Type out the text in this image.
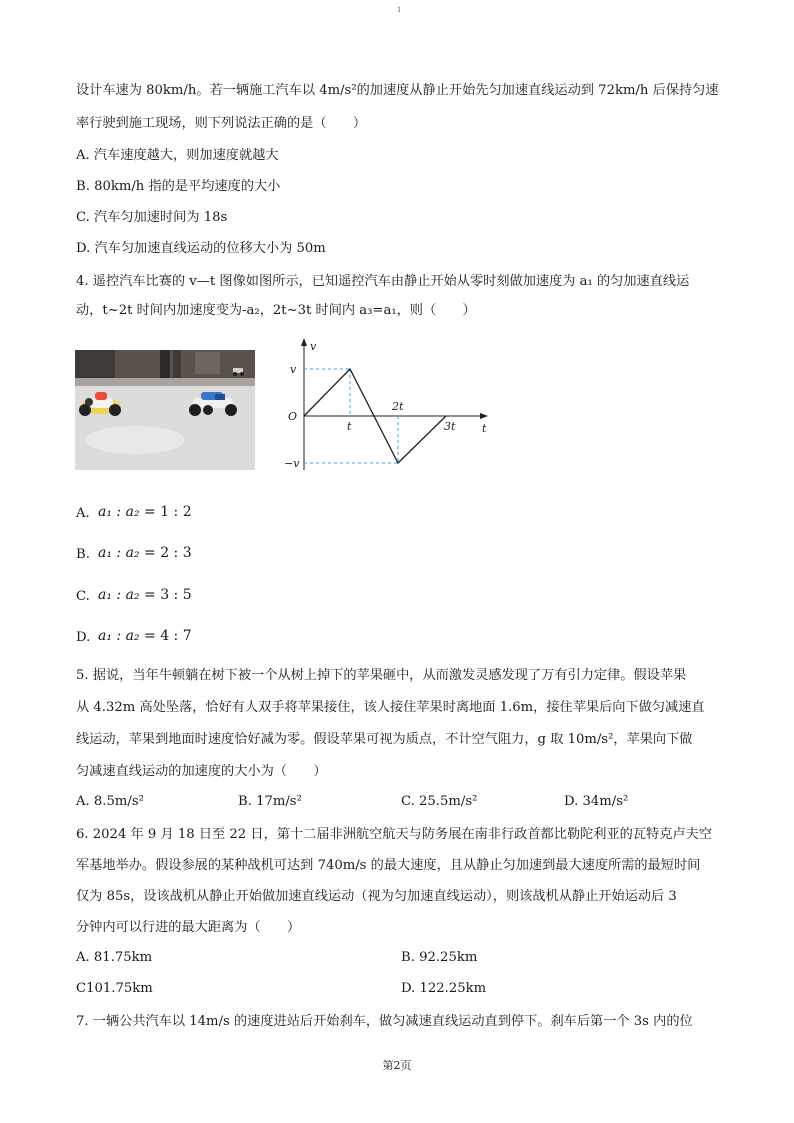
1
设计车速为 80km/h。若一辆施工汽车以 4m/s²的加速度从静止开始先匀加速直线运动到 72km/h 后保持匀速
率行驶到施工现场，则下列说法正确的是（　　）
A. 汽车速度越大，则加速度就越大
B. 80km/h 指的是平均速度的大小
C. 汽车匀加速时间为 18s
D. 汽车匀加速直线运动的位移大小为 50m
4. 遥控汽车比赛的 v—t 图像如图所示，已知遥控汽车由静止开始从零时刻做加速度为 a₁ 的匀加速直线运
动，t~2t 时间内加速度变为-a₂，2t~3t 时间内 a₃=a₁，则（　　）
v
t
O
v
−v
t
2t
3t
A. a₁ : a₂ = 1 : 2
B. a₁ : a₂ = 2 : 3
C. a₁ : a₂ = 3 : 5
D. a₁ : a₂ = 4 : 7
5. 据说，当年牛顿躺在树下被一个从树上掉下的苹果砸中，从而激发灵感发现了万有引力定律。假设苹果
从 4.32m 高处坠落，恰好有人双手将苹果接住，该人接住苹果时离地面 1.6m，接住苹果后向下做匀减速直
线运动，苹果到地面时速度恰好减为零。假设苹果可视为质点，不计空气阻力，g 取 10m/s²，苹果向下做
匀减速直线运动的加速度的大小为（　　）
A. 8.5m/s²	B. 17m/s²	C. 25.5m/s²	D. 34m/s²
6. 2024 年 9 月 18 日至 22 日，第十二届非洲航空航天与防务展在南非行政首都比勒陀利亚的瓦特克卢夫空
军基地举办。假设参展的某种战机可达到 740m/s 的最大速度，且从静止匀加速到最大速度所需的最短时间
仅为 85s，设该战机从静止开始做加速直线运动（视为匀加速直线运动），则该战机从静止开始运动后 3
分钟内可以行进的最大距离为（　　）
A. 81.75km	B. 92.25km
C101.75km	D. 122.25km
7. 一辆公共汽车以 14m/s 的速度进站后开始刹车，做匀减速直线运动直到停下。刹车后第一个 3s 内的位
第2页
